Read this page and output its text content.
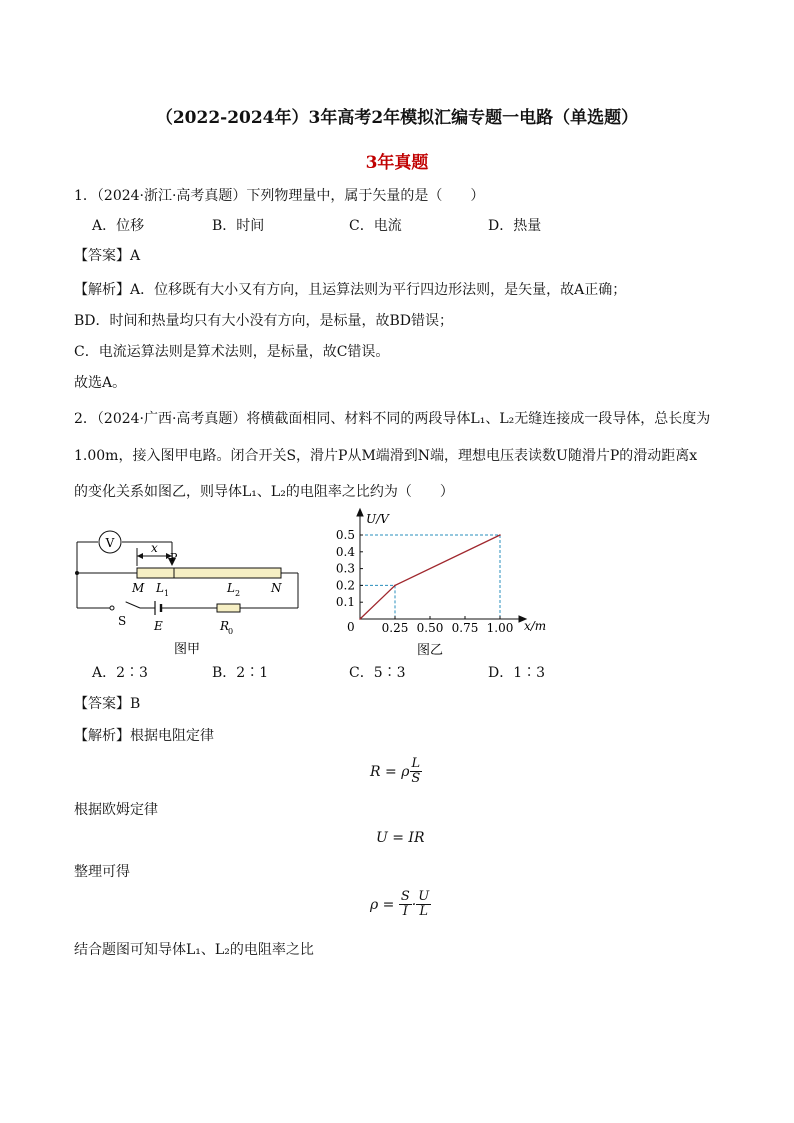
（2022-2024年）3年高考2年模拟汇编专题一电路（单选题）
3年真题
1．（2024·浙江·高考真题）下列物理量中，属于矢量的是（　　）
A．位移	B．时间	C．电流	D．热量
【答案】A
【解析】A．位移既有大小又有方向，且运算法则为平行四边形法则，是矢量，故A正确；
BD．时间和热量均只有大小没有方向，是标量，故BD错误；
C．电流运算法则是算术法则，是标量，故C错误。
故选A。
2．（2024·广西·高考真题）将横截面相同、材料不同的两段导体L₁、L₂无缝连接成一段导体，总长度为
1.00m，接入图甲电路。闭合开关S，滑片P从M端滑到N端，理想电压表读数U随滑片P的滑动距离x
的变化关系如图乙，则导体L₁、L₂的电阻率之比约为（　　）
V	x
P
M L 1	L 2	N
S E	R
0
图甲
0.25 0.50 0.75 1.00
0.1
0.2
0.3
0.4
0.5
U/V
x/m
0
图乙
A．2∶3	B．2∶1	C．5∶3	D．1∶3
【答案】B
【解析】根据电阻定律
R = ρ $\frac{L}{S}$
根据欧姆定律
U = IR
整理可得
$\rho = \frac{S}{I} \cdot \frac{U}{L}$
结合题图可知导体L₁、L₂的电阻率之比
